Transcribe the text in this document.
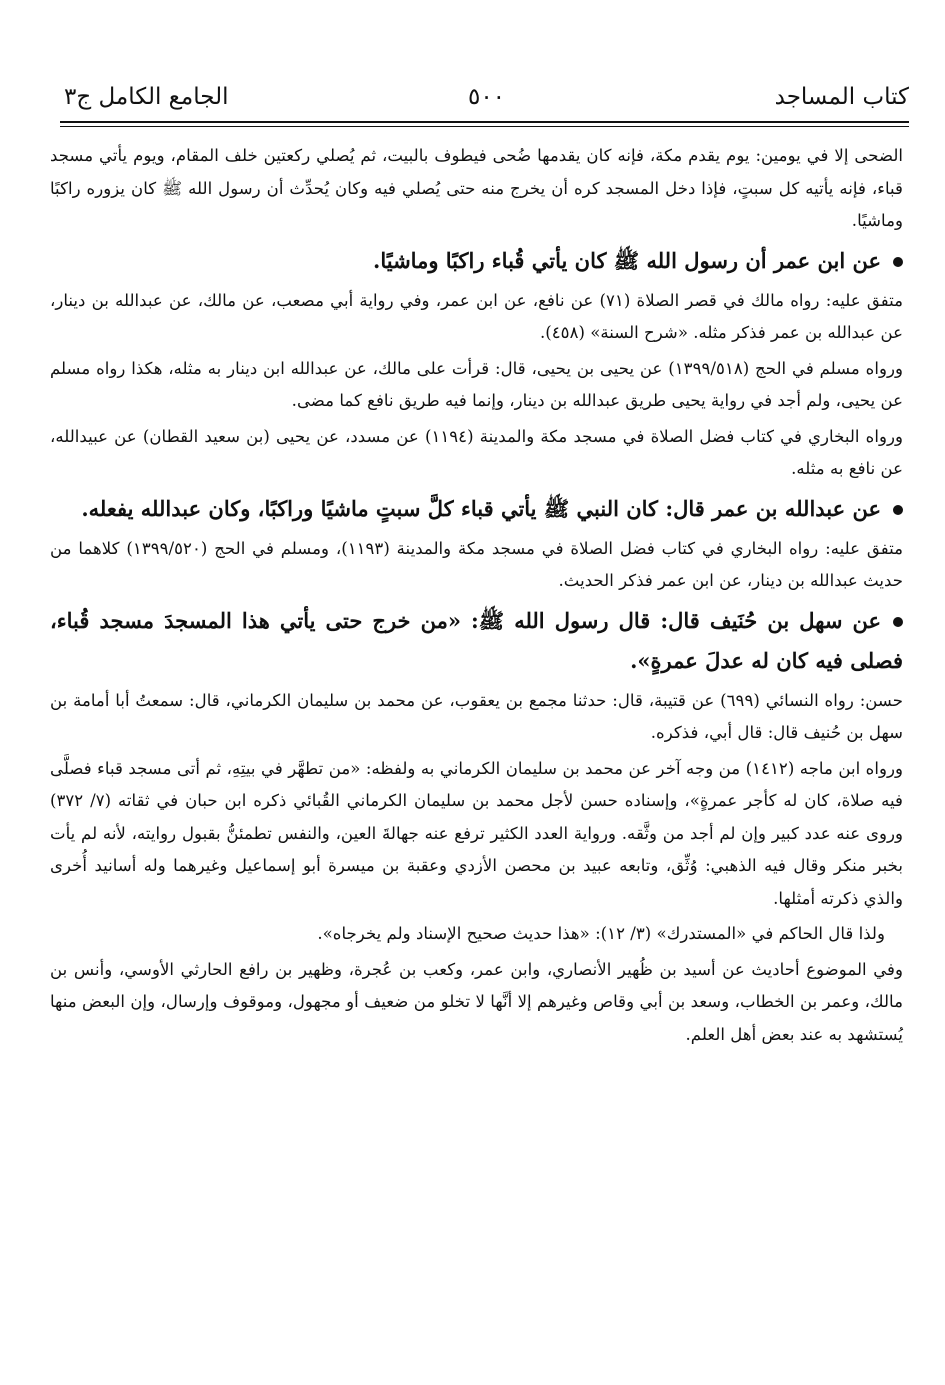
كتاب المساجد
٥٠٠
الجامع الكامل ج٣

الضحى إلا في يومين: يوم يقدم مكة، فإنه كان يقدمها ضُحى فيطوف بالبيت، ثم يُصلي ركعتين خلف المقام، ويوم يأتي مسجد قباء، فإنه يأتيه كل سبتٍ، فإذا دخل المسجد كره أن يخرج منه حتى يُصلي فيه وكان يُحدِّث أن رسول الله ﷺ كان يزوره راكبًا وماشيًا.

عن ابن عمر أن رسول الله ﷺ كان يأتي قُباء راكبًا وماشيًا.

متفق عليه: رواه مالك في قصر الصلاة (٧١) عن نافع، عن ابن عمر، وفي رواية أبي مصعب، عن مالك، عن عبدالله بن دينار، عن عبدالله بن عمر فذكر مثله. «شرح السنة» (٤٥٨).

ورواه مسلم في الحج (١٣٩٩/٥١٨) عن يحيى بن يحيى، قال: قرأت على مالك، عن عبدالله ابن دينار به مثله، هكذا رواه مسلم عن يحيى، ولم أجد في رواية يحيى طريق عبدالله بن دينار، وإنما فيه طريق نافع كما مضى.

ورواه البخاري في كتاب فضل الصلاة في مسجد مكة والمدينة (١١٩٤) عن مسدد، عن يحيى (بن سعيد القطان) عن عبيدالله، عن نافع به مثله.

عن عبدالله بن عمر قال: كان النبي ﷺ يأتي قباء كلَّ سبتٍ ماشيًا وراكبًا، وكان عبدالله يفعله.

متفق عليه: رواه البخاري في كتاب فضل الصلاة في مسجد مكة والمدينة (١١٩٣)، ومسلم في الحج (١٣٩٩/٥٢٠) كلاهما من حديث عبدالله بن دينار، عن ابن عمر فذكر الحديث.

عن سهل بن حُنَيف قال: قال رسول الله ﷺ: «من خرج حتى يأتي هذا المسجدَ مسجد قُباء، فصلى فيه كان له عدلَ عمرةٍ».

حسن: رواه النسائي (٦٩٩) عن قتيبة، قال: حدثنا مجمع بن يعقوب، عن محمد بن سليمان الكرماني، قال: سمعتُ أبا أمامة بن سهل بن حُنيف قال: قال أبي، فذكره.

ورواه ابن ماجه (١٤١٢) من وجه آخر عن محمد بن سليمان الكرماني به ولفظه: «من تطهَّر في بيتِهِ، ثم أتى مسجد قباء فصلَّى فيه صلاة، كان له كأجر عمرةٍ»، وإسناده حسن لأجل محمد بن سليمان الكرماني القُبائي ذكره ابن حبان في ثقاته (٧/ ٣٧٢) وروى عنه عدد كبير وإن لم أجد من وثَّقه. ورواية العدد الكثير ترفع عنه جهالةَ العين، والنفس تطمئنُّ بقبول روايته، لأنه لم يأت بخبر منكر وقال فيه الذهبي: وُثِّق، وتابعه عبيد بن محصن الأزدي وعقبة بن ميسرة أبو إسماعيل وغيرهما وله أسانيد أُخرى والذي ذكرته أمثلها.

ولذا قال الحاكم في «المستدرك» (٣/ ١٢): «هذا حديث صحيح الإسناد ولم يخرجاه».

وفي الموضوع أحاديث عن أسيد بن ظُهير الأنصاري، وابن عمر، وكعب بن عُجرة، وظهير بن رافع الحارثي الأوسي، وأنس بن مالك، وعمر بن الخطاب، وسعد بن أبي وقاص وغيرهم إلا أنَّها لا تخلو من ضعيف أو مجهول، وموقوف وإرسال، وإن البعض منها يُستشهد به عند بعض أهل العلم.
